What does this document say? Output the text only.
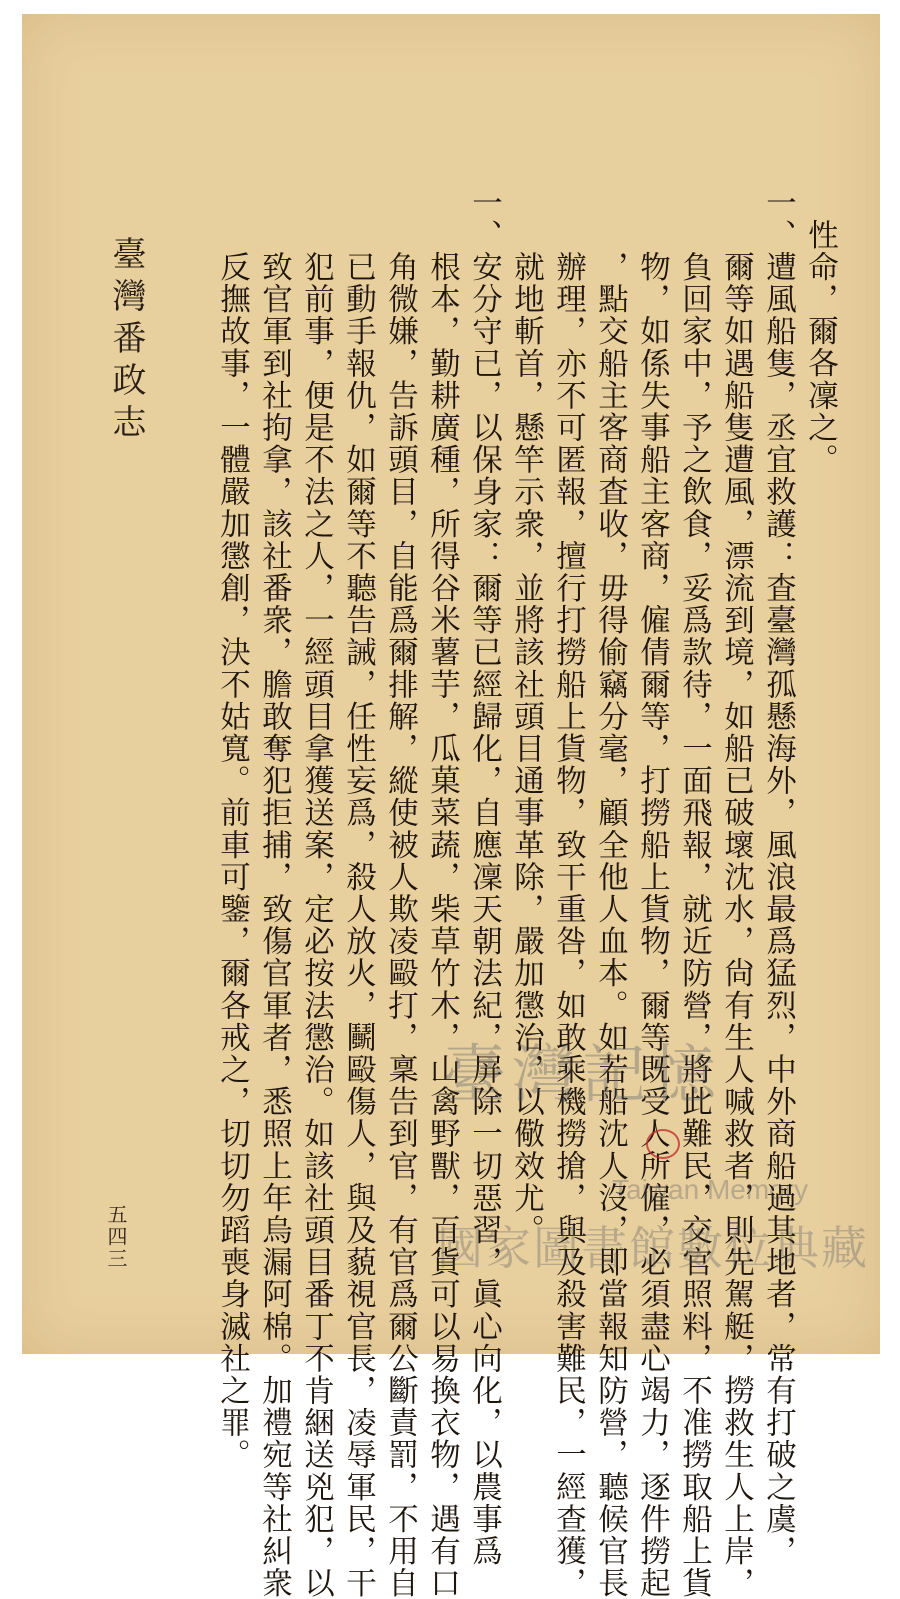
性命，爾各凜之。
一、遭風船隻，丞宜救護：査臺灣孤懸海外，風浪最爲猛烈，中外商船過其地者，常有打破之虞，
　　爾等如遇船隻遭風，漂流到境，如船已破壞沈水，尙有生人喊救者，則先駕艇，撈救生人上岸，
　　負回家中，予之飲食，妥爲款待，一面飛報，就近防營，將此難民，交官照料，不准撈取船上貨
　　物，如係失事船主客商，僱倩爾等，打撈船上貨物，爾等既受人所僱，必須盡心竭力，逐件撈起
　　，點交船主客商査收，毋得偷竊分毫，顧全他人血本。如若船沈人沒，即當報知防營，聽候官長
　　辦理，亦不可匿報，擅行打撈船上貨物，致干重咎，如敢乘機撈搶，與及殺害難民，一經查獲，
　　就地斬首，懸竿示衆，並將該社頭目通事革除，嚴加懲治，以儆效尤。
一、安分守已，以保身家：爾等已經歸化，自應凜天朝法紀，屏除一切惡習，眞心向化，以農事爲
　　根本，勤耕廣種，所得谷米薯芋，瓜菓菜蔬，柴草竹木，山禽野獸，百貨可以易換衣物，遇有口
　　角微嫌，告訴頭目，自能爲爾排解，縱使被人欺凌毆打，稟告到官，有官爲爾公斷責罰，不用自
　　已動手報仇，如爾等不聽告誡，任性妄爲，殺人放火，鬭毆傷人，與及藐視官長，凌辱軍民，干
　　犯前事，便是不法之人，一經頭目拿獲送案，定必按法懲治。如該社頭目番丁不肯綑送兇犯，以
　　致官軍到社拘拿，該社番衆，膽敢奪犯拒捕，致傷官軍者，悉照上年烏漏阿棉。加禮宛等社糾衆
　　反撫故事，一體嚴加懲創，決不姑寬。前車可鑒，爾各戒之，切切勿蹈喪身滅社之罪。
臺灣番政志
五四三
臺灣記憶
Taiwan Memory
國家圖書館數位典藏
